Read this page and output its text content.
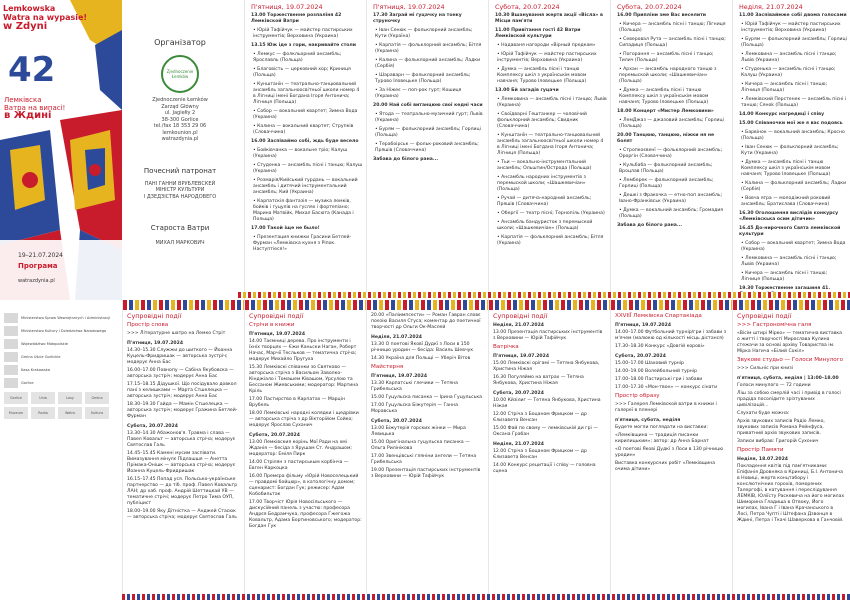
Lemkowska
Watra na wypasie!
w Zdyni
42
Лемківска
Ватра на випасі!
в Ждині
19–21.07.2024
Програма
watrazdynia.pl
Організатор
Zjednoczenie Łemków
Zjednoczenie Łemków
Zarząd Główny
ul. Jagiełły 2
38-300 Gorlice
tel./fax 18 353 29 06
lemkounion.pl
watrazdynia.pl
Почесний патронат
ПАНІ ГАННИ ВРУБЛЕВСКЕЙ
МІНІСТР КУЛЬТУРИ
І ДЗЕДЗІСТВА НАРОДОВЕГО
Староста Ватри
МИХАЛ МАРКОВИЧ
П'ятниця, 19.07.2024
13.00 Торжественне розпалїня 42 Лемківской Ватри
• Юрій Тафійчук — майстер пастирських інструментів; Верховина (Украина)
13.15 Юж іде з гори, накривайте столи
• Лемкус — фолкльорний ансамбль; Ярославль (Польща)
• Благовість — церковний хор; Криниця (Польща)
• Кунштанїн — театрально-танцювальний ансамбль загальноосвітньої школи номер 4 в Лігниці імені Богдана Ігоря Антонича; Лігниця (Польща)
• Собор — вокальний квартет; Зимна Вода (Украина)
• Калина — вокальний квартет; Струпків (Словаччина)
16.00 Заспіваймо собі, ждь буде весело
• Бойківчанка — вокальне тріо; Калуш (Украина)
• Студенка — ансамбль пісні і танцю; Калуш (Украина)
• Розмарія/Кийський гурдань — вокальний ансамбль і дитячий інструментальний ансамбль; Кий (Украина)
• Карпатскія фантазія — музика лемків, бойків і гуцулів на гуслях і фортепіано; Марина Матвійк, Михал Басюта (Канада і Польща)
17.00 Такой іще не было!
• Презентация книжки Грасини Бетлей-Фурман «Лемківска кухня з Ріпок. Наступтіеся!»
П'ятниця, 19.07.2024
17.30 Заграй мі гуцачку на тонку струночку
• Іван Сенюк — фольклорний ансамбль; Кути (Україна)
• Карпатія — фольклорний ансамбль; Бітля (Украина)
• Калина — фольклорний ансамбль; Ладки (Сербія)
• Шараварн — фольклорний ансамбль; Турово Іловецьке (Польща)
• За Ніжеє — поп-рок гурт; Кошиця (Украина)
20.00 Най собі витанцюю свої кедні часи
• Ятода — театрально-музичний гурт; Львів (Украина)
• Бурям — фольклорний ансамбль; Горлиці (Польща)
• Терабоірськ — фольк-роковий ансамбль; Пряшів (Словаччина)
Забава до білого рана...
Субота, 20.07.2024
10.30 Вшанування жертв акції «Вісла» в Місци пам'яти
11.00 Привітання гостї 42 Ватри Лемківской культури
• Надаваня нагороди «Вірный предкам»
• Юрій Тафійчук — майстер пастирських інструментів; Верховина (Украина)
• Думка — ансамбль пісні і танцю Комплексу шкіл з українськім мовом навчаня; Турово Іловецьке (Польща)
13.00 Бй загадів гуцачи
• Лемковина — ансамбль пісні і танцю; Львів (Украина)
• Своїдварні Гештанкер — чоловічий фольклорний ансамбль; Свидник (Словаччина)
• Кунштанїн — театрально-танцювальний ансамбль загальноосвітньої школи номер 4 в Лігниці імені Богдана Ігоря Антонича; Лігниця (Польща)
• Тьи — вокально-інструментальний ансамбль; Ольштин/Острода (Польща)
• Ансамбль народних інструментів з перемыской школи; «Шашкевичіан» (Польща)
• Ручай — дитяча-народний ансамбль; Пряшів (Словаччина)
• Обергії — театр пісні; Тернопіль (Украина)
• Ансамбль бандуристок з перемыской школи; «Шашкевичіан» (Польща)
• Карпатія — фольклорний ансамбль; Бітля (Украина)
Субота, 20.07.2024
16.00 Припліни зме Вас веселити
• Кичера — ансамбль пісні і танцю; Лігниця (Польща)
• Северовал Рута — ансамбль пісні і танцю; Сипадиця (Польща)
• Погорання — ансамбль пісні і танцю; Тилич (Польща)
• Архан — ансамбль народного танцю з перемыской школи; «Шашкевичіан» (Польща)
• Думка — ансамбль пісні і танцю Комплексу шкіл з українськім мовом навчаня; Турово Іловецьке (Польща)
18.00 Концерт «Мистер Лемковини»
• ЛемДжаз — джазовий ансамбль; Горлиці (Польща)
20.00 Танцюю, танцюю, ніжки ня не болят
• Стропкоєвенї — фольклорний ансамбль; Ороргін (Словаччина)
• Кульбаба — фольклорний ансамбль; Вроцлав (Польща)
• Лемберек — фольклорний ансамбль; Горлиці (Польща)
• Дешкі з Фракочка — етно-поп ансамбль; Івано-Франківськ (Украина)
• Думка — вокальний ансамбль; Громадия (Польща)
Забава до білого рана...
Неділя, 21.07.2024
11.00 Заспіваймже собі двома голосами
• Юрій Тафійчук — майстер пастирських інструментів; Верховина (Украина)
• Бурям — фольклорний ансамбль; Горлиці (Польща)
• Лемковина — ансамбль пісні і танцю; Львів (Украина)
• Студенька — ансамбль пісні і танцю; Калуш (Украина)
• Кичера — ансамбль пісні і танцю; Лігниця (Польща)
• Лемківский Перстенек — ансамбль пісні і танцю; Сяноk (Польща)
14.00 Конкурс нагредицї і співу
15.00 Співаночки мої же я вас подовсь
• Барвінок — вокальний ансамбль; Кросно (Польща)
• Іван Сенюк — фольклорний ансамбль; Кути (Украина)
• Думка — ансамбль пісні і танцю Комплексу шкіл з українськім мовом навчаня; Турово Іловецьке (Польща)
• Калина — фольклорний ансамбль; Ладки (Сербія)
• Вовча ягра — молодіжний роковий ансамбль; Братислава (Словаччина)
16.30 Оголошення вислідів конкурсу «Лемківскька осим дітичин»
16.45 До-нирочного Свята лемківской культури
• Собор — вокальний квартет; Зимна Вода (Украина)
• Лемковина — ансамбль пісні і танцю; Львів (Украина)
• Кичера — ансамбль пісні і танцю; Лігниця (Польща)
19.30 Торжественне загашиня 41.
Ministerstwo Spraw Wewnętrznych i Administracji
Ministerstwo Kultury i Dziedzictwa Narodowego
Województwo Małopolskie
Gmina Uście Gorlickie
Kasa Krakowska
Gorlice
Gorlice	Unia	Lasy	Gmina
Muzeum	Radio	Watra	Kultura
Супровідні події
Простір слова
>>> Літературне шатро на Лемко Стріт
П'ятниця, 19.07.2024
14.30–15.30 Служжи до шиткого — Йоанна Куцель-Фридришак — авторська зустріч; модерує Анна Бас
16.00–17.00 Повнопу — Сабіна Якубовска — авторська зустріч; модерує Анна Бас
17.15–18.15 Дідушкої. Що посідувало довкол пані з келишками — Марта Стшелецка — авторська зустріч; модерує Анна Бас
18.30–19.30 Гайда — Мамін Стшелецка — авторська зустріч; модерує Гражина Бетлей-Фурман
Субота, 20.07.2024
13.30–14.30 Абажонов'я. Травма і слава — Павел Ковальт — авторська стріча; модерує Святослав Галь
14.45–15.45 Камені мусим заспівати. Вимазування мінулє Підлашшя — Анетта Прімака-Онішк — авторська стріча; модерує Йоанна Куцель-Фридришак
16.15–17.45 Попад уся. Польсько-українське партнерство — до тіб. проф. Павел Ковальтр ЛАН; др хаб. проф. Андрій Шеттицкай УВ — тематичне стрічі; модерує Петро Тима ОУП, публіцист
18.00–19.00 Яку Дітністка — Анджей Стасюк — авторська стріча; модерує Святослав Галь
Супровідні події
Стрічи в книжи
П'ятниця, 19.07.2024
14.00 Таємниці дерева. Про інструменти і їхніх творцях — Єжи Каньски Наган, Роберт Начас, Марчії Тесльков — тематична стріча; модерує Михайло Пругуха
15.30 Лемківскі співанки зо Святково — авторська стріча з Васильом Заволко-Кінджіало і Томашем Ківашом, Урсулою та Бессаном Жиевськими; модератор: Мартина Кріль
17.00 Пастирство в Карпатах — Марцін Врубель
18.00 Лемківські народні колядки і щедрівки — авторська стріча з др Вікторійом Сойко; модерує Ярослав Суханич
Субота, 20.07.2024
13.00 Лемківския корінь Мої Ради на хмі Жданія — бесіда з Ярушам Ст. Андрашом; модератор: Еміля Пирк
14.00 Стрілян з пастирськым корбінча — Евген Каркоцка
16.00 Премєра фільму «Юрій Новоселецький — правдомі бойцюр», в катологічну домом; сценарист: Богдан Гук; режисер: Адам Кобобильтак
17.00 Творчіст Юрія Новосільського — дискусійний панель з участю: професора Андрєя Бедрамчука, професора Гжегожа Ковальтр, Адама Бортиновського; модератор: Богдан Гук
20.00 «Паліимпсести» — Роман Гавран словє поезію Василя Стуса; коментар до поетичної творчості др Ольги Ок-Маслей
Неділя, 21.07.2024
13.30 О поетові Яковї Дудкї з Лоси в 150 річницю уродин — бесіда: Василь Шевчук
14.30 Україна для Польщі — Уберіч Вітов
Майстерня
П'ятниця, 19.07.2024
13.30 Карпатські глечики — Тетяна Грибельська
15.00 Гуцульска писанка — Ірина Гуцульська
17.00 Гуцульска Біжутерія — Ганна Моравська
Субота, 20.07.2024
13.00 Біжутерія горских жінки — Мира Левицька
15.00 Оригінальна гуцульска писанка — Ольга Рилінікова
17.00 Звенцівські гляніни ангели — Тетяна Грибельська
19.00 Презентація пастирських інструментів з Верховини — Юрій Тафійчук
Супровідні події
Неділя, 21.07.2024
13.00 Презентація пастирських інструментів з Верховини — Юрій Тафійчук
Ватрічка
П'ятниця, 19.07.2024
15.00 Лемківскі орігамі — Тетяна Янбукова, Христина Ніжая
16.30 Погуляймо на ватрах — Тетяна Янбукова, Христина Ніжая
Субота, 20.07.2024
10.00 Кйзілиг — Тетяна Янбукова, Христина Ніжая
12.00 Стріча з Боцаном Фрицком — др Єлизавета Венсан
15.00 Фай по свому — лемківській ди грі — Оксана Грабан
Неділя, 21.07.2024
12.00 Стріча з Боцаном Фрицком — др Єлизавета Венсан
14.00 Конкурс рецитації і співу — головна сцена
XXVIIЇ Лемківска Спартакіада
П'ятниця, 19.07.2024
14.00–17.00 Футбольний турнір/гри і забави з м'ячем (малюкю од кількості місць дістанся)
17.30–18.30 Конкурс «Довгій корові»
Субота, 20.07.2024
15.00–17.00 Шаховий турнір
14.00–19.00 Волейбольний турнір
17.00–18.00 Пастирські гри і забави
17.00–17.30 «Мон-твон» — конкурс сінати
Простір образу
>>> Галерея Лемківской ватри в книжи і галереї в пленері
п'ятниця, субота, неділя
Будете могли поглядати на виставки:
«Лемківщина — традиція писанки кирилицьким»; автор: др Анна Барнат
«О поетові Якові Дудкї з Лоси в 130 річницю уродин»
Виставка конкурсних робіт «Лемківщина очима дітини»
Супровідні події
>>> Гастрономічна галя
«Вісім штирі Мірко» — тематична виставка о житті і творчості Мирослава Кулина стежачи за основі архіву Товариства ім. Мірка Нагича «Білий Сокіл»
Звукове студьо — Голоси Минулого
>>> Сильніс при книзі
п'ятниця, субота, неділя | 13:00–18.00
Голоси минулого — 72 години
Ліш за собою смерлій часі і привід в голосі прадіда посолідите зрізтуваних цивілізацій...
Слухати буде можна:
Архів звукових записів Радіо Лемко, звукових записів Романа Рейнфуса, приватний архів звукових записів.
Записи вибрав: Григорій Сухонич
Простір Памяти
Неділя, 18.07.2024
Покладення квітів під пам'ятниками: Епіфанія Дровняка в Криниці, Б.І. Антонича в Новиці, жертв концтабору і конслютнічних горохів, поморених Талергофі, в катування і переслідування ЛЕМКІВ, Юліїсту Раскевича на його могилах Шиморина Гладиша в Отвоку, Його могилах, Івана Г і Івана Крачанського в Лосі, Петра Чупті і Штефана Дзвонця в Ждині, Петра і Ткачі Шаверкова в Ганчовій.
